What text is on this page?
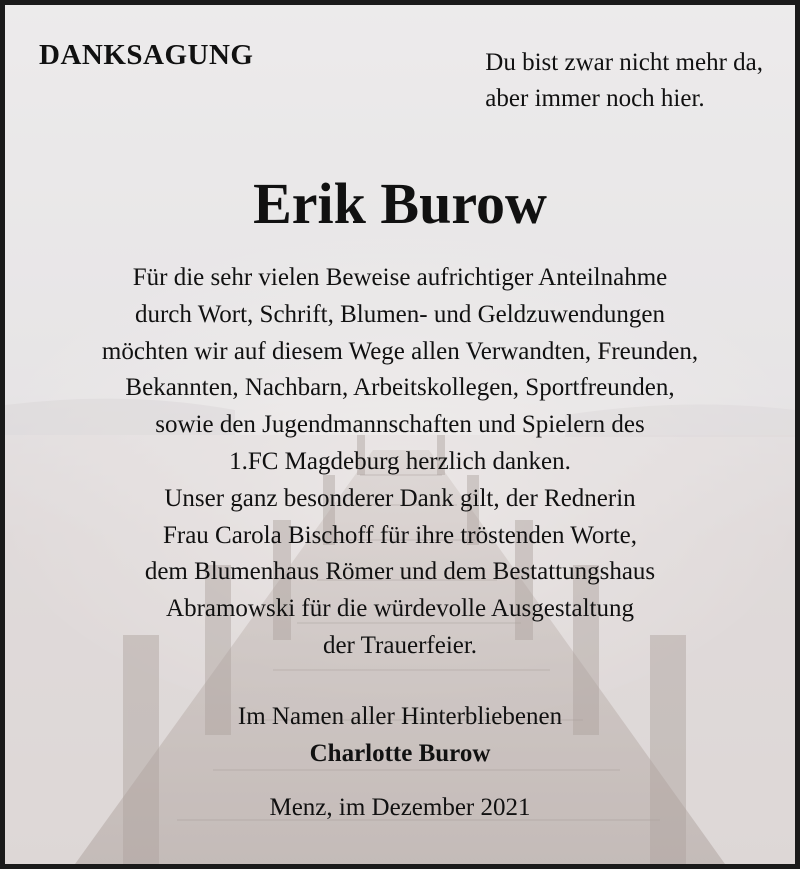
DANKSAGUNG	Du bist zwar nicht mehr da,
aber immer noch hier.
Erik Burow
Für die sehr vielen Beweise aufrichtiger Anteilnahme
durch Wort, Schrift, Blumen- und Geldzuwendungen
möchten wir auf diesem Wege allen Verwandten, Freunden,
Bekannten, Nachbarn, Arbeitskollegen, Sportfreunden,
sowie den Jugendmannschaften und Spielern des
1.FC Magdeburg herzlich danken.
Unser ganz besonderer Dank gilt, der Rednerin
Frau Carola Bischoff für ihre tröstenden Worte,
dem Blumenhaus Römer und dem Bestattungshaus
Abramowski für die würdevolle Ausgestaltung
der Trauerfeier.
Im Namen aller Hinterbliebenen
Charlotte Burow
Menz, im Dezember 2021
